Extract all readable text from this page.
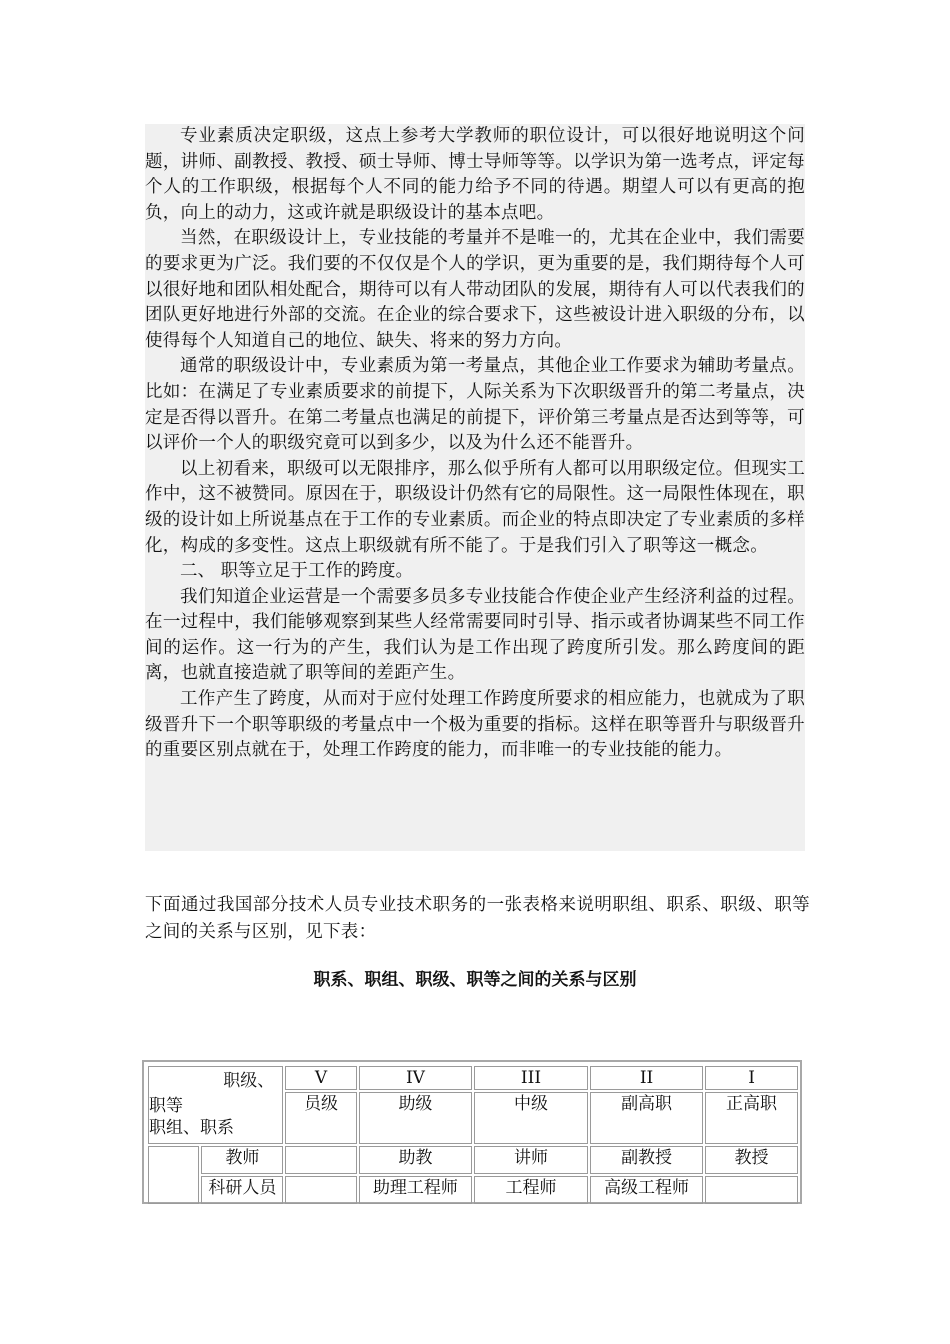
专业素质决定职级，这点上参考大学教师的职位设计，可以很好地说明这个问题，讲师、副教授、教授、硕士导师、博士导师等等。以学识为第一选考点，评定每个人的工作职级，根据每个人不同的能力给予不同的待遇。期望人可以有更高的抱负，向上的动力，这或许就是职级设计的基本点吧。

当然，在职级设计上，专业技能的考量并不是唯一的，尤其在企业中，我们需要的要求更为广泛。我们要的不仅仅是个人的学识，更为重要的是，我们期待每个人可以很好地和团队相处配合，期待可以有人带动团队的发展，期待有人可以代表我们的团队更好地进行外部的交流。在企业的综合要求下，这些被设计进入职级的分布，以使得每个人知道自己的地位、缺失、将来的努力方向。

通常的职级设计中，专业素质为第一考量点，其他企业工作要求为辅助考量点。比如：在满足了专业素质要求的前提下，人际关系为下次职级晋升的第二考量点，决定是否得以晋升。在第二考量点也满足的前提下，评价第三考量点是否达到等等，可以评价一个人的职级究竟可以到多少，以及为什么还不能晋升。

以上初看来，职级可以无限排序，那么似乎所有人都可以用职级定位。但现实工作中，这不被赞同。原因在于，职级设计仍然有它的局限性。这一局限性体现在，职级的设计如上所说基点在于工作的专业素质。而企业的特点即决定了专业素质的多样化，构成的多变性。这点上职级就有所不能了。于是我们引入了职等这一概念。

二、 职等立足于工作的跨度。

我们知道企业运营是一个需要多员多专业技能合作使企业产生经济利益的过程。在一过程中，我们能够观察到某些人经常需要同时引导、指示或者协调某些不同工作间的运作。这一行为的产生，我们认为是工作出现了跨度所引发。那么跨度间的距离，也就直接造就了职等间的差距产生。

工作产生了跨度，从而对于应付处理工作跨度所要求的相应能力，也就成为了职级晋升下一个职等职级的考量点中一个极为重要的指标。这样在职等晋升与职级晋升的重要区别点就在于，处理工作跨度的能力，而非唯一的专业技能的能力。

下面通过我国部分技术人员专业技术职务的一张表格来说明职组、职系、职级、职等之间的关系与区别，见下表：

职系、职组、职级、职等之间的关系与区别

职级、
职等
职组、职系		V	IV	III	II	I
		员级	助级	中级	副高职	正高职
	教师		助教	讲师	副教授	教授
	科研人员		助理工程师	工程师	高级工程师	
